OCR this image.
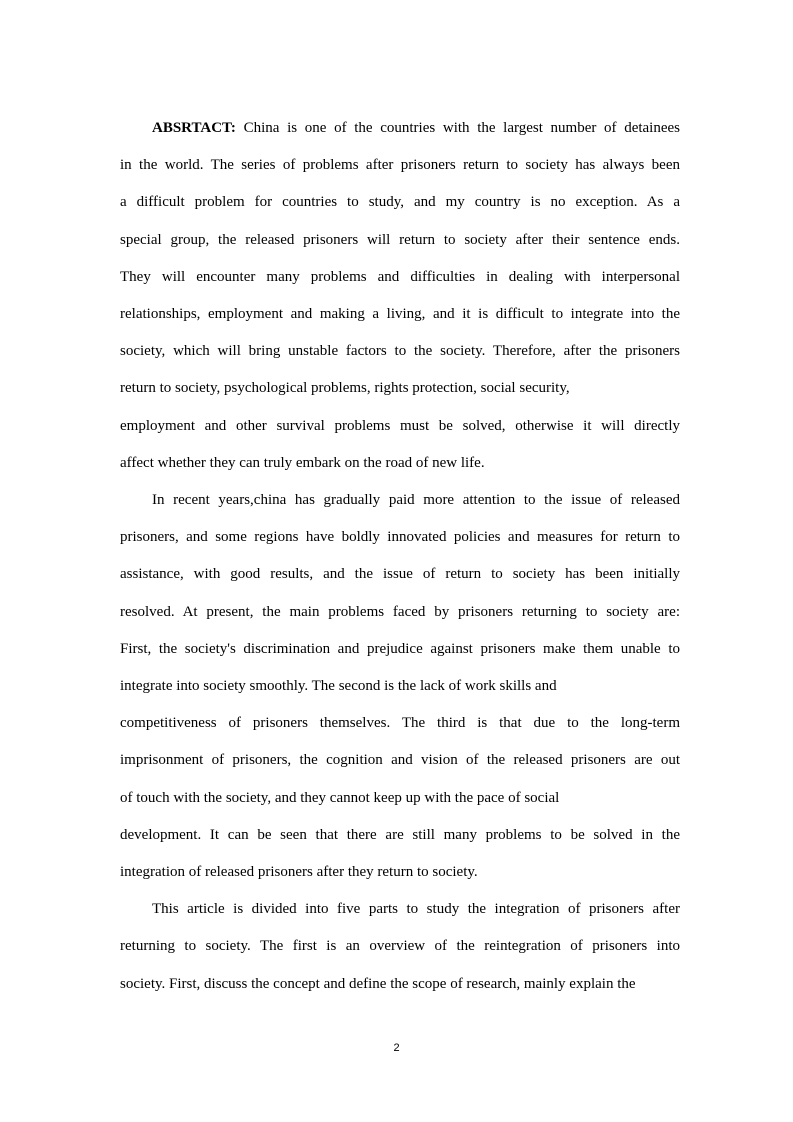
ABSRTACT: China is one of the countries with the largest number of detainees
in the world. The series of problems after prisoners return to society has always been
a difficult problem for countries to study, and my country is no exception. As a
special group, the released prisoners will return to society after their sentence ends.
They will encounter many problems and difficulties in dealing with interpersonal
relationships, employment and making a living, and it is difficult to integrate into the
society, which will bring unstable factors to the society. Therefore, after the prisoners
return to society, psychological problems, rights protection, social security,
employment and other survival problems must be solved, otherwise it will directly
affect whether they can truly embark on the road of new life.
In recent years,china has gradually paid more attention to the issue of released
prisoners, and some regions have boldly innovated policies and measures for return to
assistance, with good results, and the issue of return to society has been initially
resolved. At present, the main problems faced by prisoners returning to society are:
First, the society's discrimination and prejudice against prisoners make them unable to
integrate into society smoothly. The second is the lack of work skills and
competitiveness of prisoners themselves. The third is that due to the long-term
imprisonment of prisoners, the cognition and vision of the released prisoners are out
of touch with the society, and they cannot keep up with the pace of social
development. It can be seen that there are still many problems to be solved in the
integration of released prisoners after they return to society.
This article is divided into five parts to study the integration of prisoners after
returning to society. The first is an overview of the reintegration of prisoners into
society. First, discuss the concept and define the scope of research, mainly explain the
2
